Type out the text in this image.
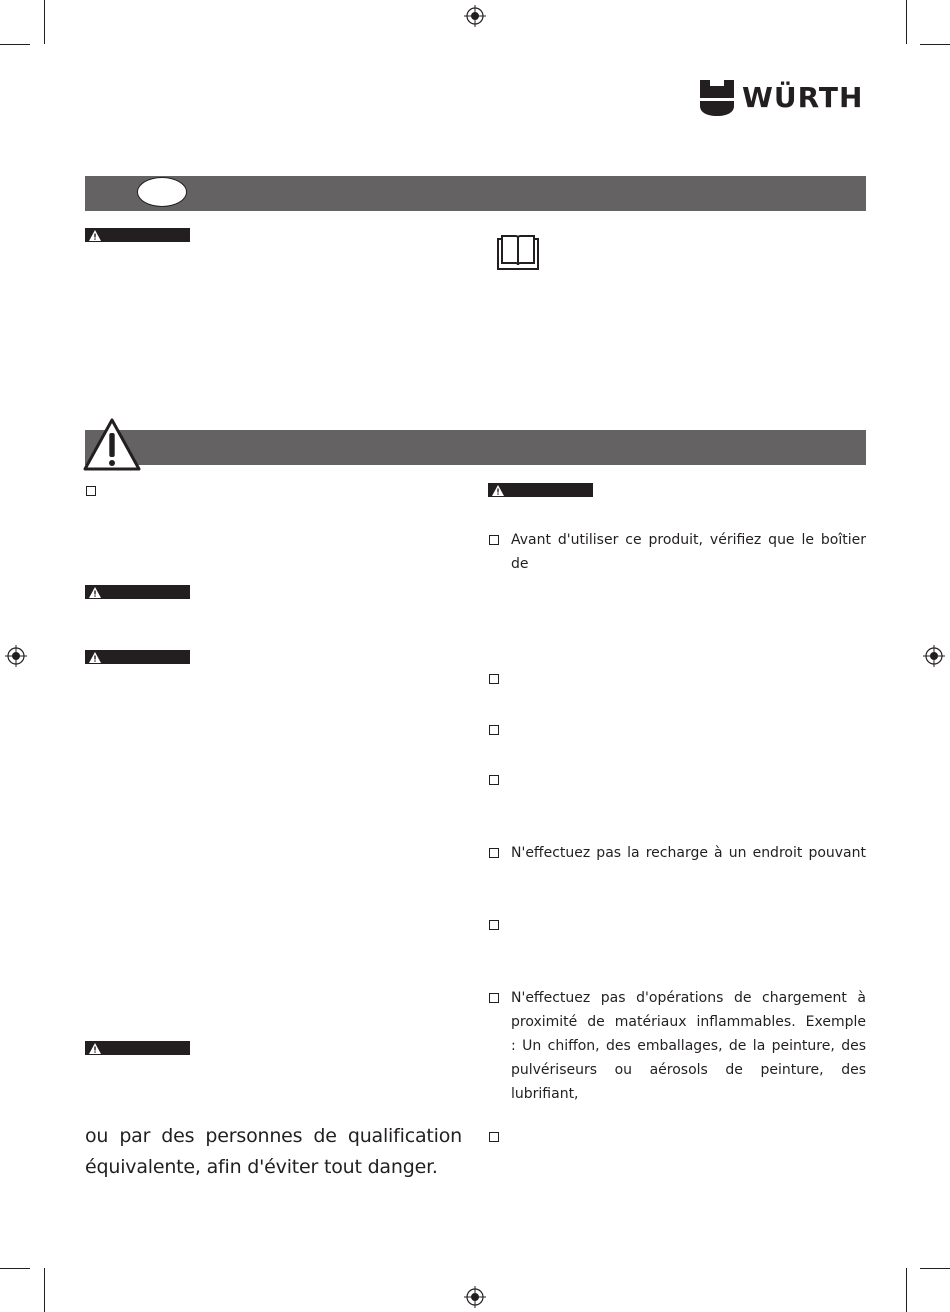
WÜRTH
ou par des personnes de qualification
équivalente, afin d'éviter tout danger.
Avant d'utiliser ce produit, vérifiez que le boîtier de
N'effectuez pas la recharge à un endroit pouvant
N'effectuez pas d'opérations de chargement à
proximité de matériaux inflammables. Exemple
: Un chiffon, des emballages, de la peinture, des
pulvériseurs ou aérosols de peinture, des lubrifiant,
